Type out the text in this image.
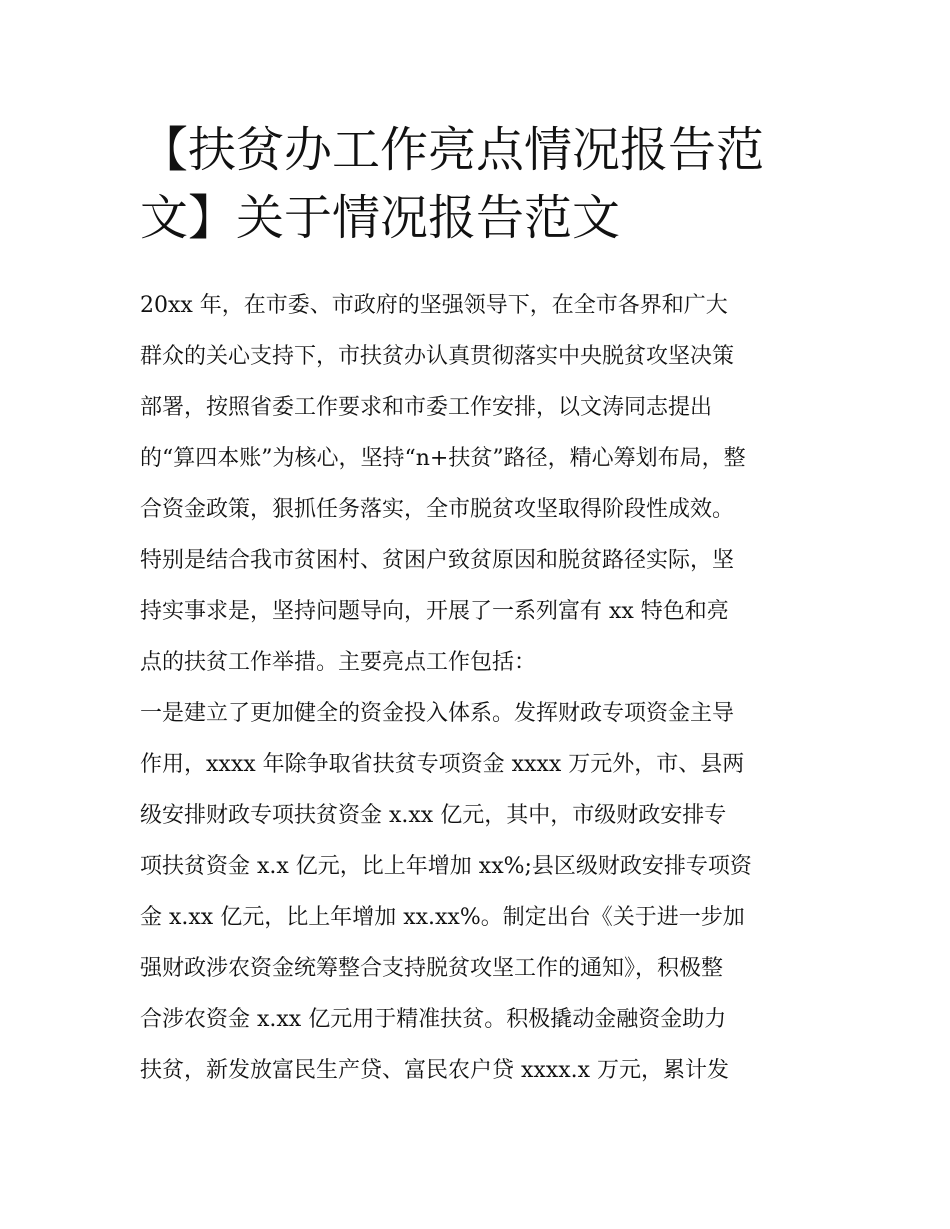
【扶贫办工作亮点情况报告范
文】关于情况报告范文
20xx 年，在市委、市政府的坚强领导下，在全市各界和广大
群众的关心支持下，市扶贫办认真贯彻落实中央脱贫攻坚决策
部署，按照省委工作要求和市委工作安排，以文涛同志提出
的“算四本账”为核心，坚持“n+扶贫”路径，精心筹划布局，整
合资金政策，狠抓任务落实，全市脱贫攻坚取得阶段性成效。
特别是结合我市贫困村、贫困户致贫原因和脱贫路径实际，坚
持实事求是，坚持问题导向，开展了一系列富有 xx 特色和亮
点的扶贫工作举措。主要亮点工作包括：
一是建立了更加健全的资金投入体系。发挥财政专项资金主导
作用，xxxx 年除争取省扶贫专项资金 xxxx 万元外，市、县两
级安排财政专项扶贫资金 x.xx 亿元，其中，市级财政安排专
项扶贫资金 x.x 亿元，比上年增加 xx%;县区级财政安排专项资
金 x.xx 亿元，比上年增加 xx.xx%。制定出台《关于进一步加
强财政涉农资金统筹整合支持脱贫攻坚工作的通知》，积极整
合涉农资金 x.xx 亿元用于精准扶贫。积极撬动金融资金助力
扶贫，新发放富民生产贷、富民农户贷 xxxx.x 万元，累计发
